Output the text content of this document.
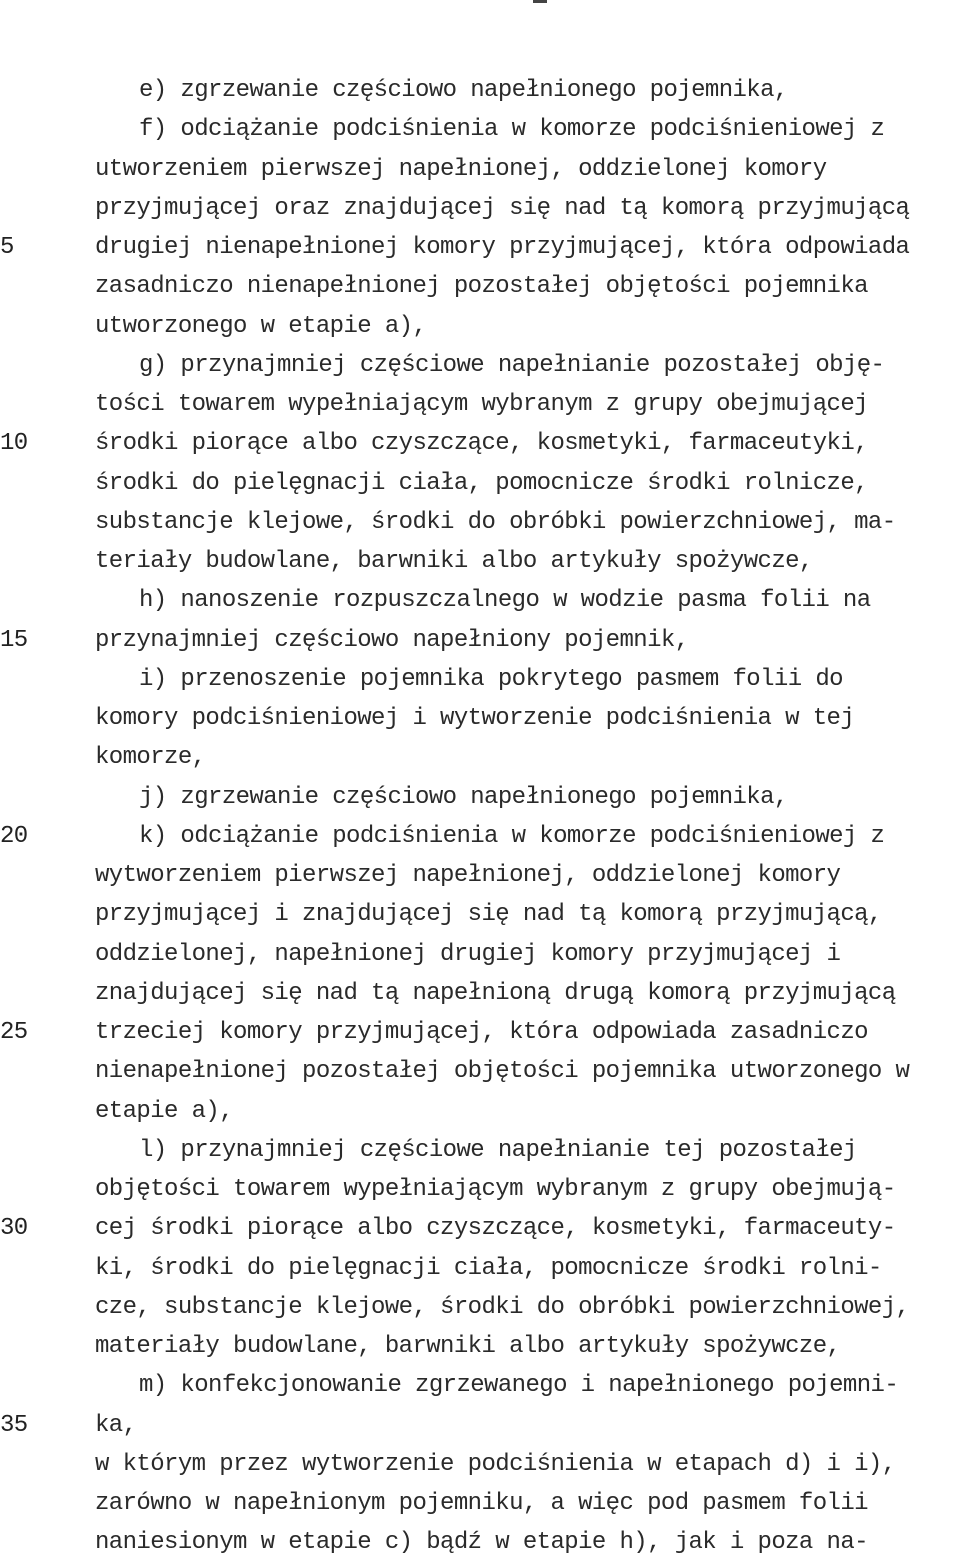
e) zgrzewanie częściowo napełnionego pojemnika,
f) odciążanie podciśnienia w komorze podciśnieniowej z
utworzeniem pierwszej napełnionej, oddzielonej komory
przyjmującej oraz znajdującej się nad tą komorą przyjmującą
5	drugiej nienapełnionej komory przyjmującej, która odpowiada
zasadniczo nienapełnionej pozostałej objętości pojemnika
utworzonego w etapie a),
g) przynajmniej częściowe napełnianie pozostałej obję-
tości towarem wypełniającym wybranym z grupy obejmującej
10	środki piorące albo czyszczące, kosmetyki, farmaceutyki,
środki do pielęgnacji ciała, pomocnicze środki rolnicze,
substancje klejowe, środki do obróbki powierzchniowej, ma-
teriały budowlane, barwniki albo artykuły spożywcze,
h) nanoszenie rozpuszczalnego w wodzie pasma folii na
15	przynajmniej częściowo napełniony pojemnik,
i) przenoszenie pojemnika pokrytego pasmem folii do
komory podciśnieniowej i wytworzenie podciśnienia w tej
komorze,
j) zgrzewanie częściowo napełnionego pojemnika,
20	k) odciążanie podciśnienia w komorze podciśnieniowej z
wytworzeniem pierwszej napełnionej, oddzielonej komory
przyjmującej i znajdującej się nad tą komorą przyjmującą,
oddzielonej, napełnionej drugiej komory przyjmującej i
znajdującej się nad tą napełnioną drugą komorą przyjmującą
25	trzeciej komory przyjmującej, która odpowiada zasadniczo
nienapełnionej pozostałej objętości pojemnika utworzonego w
etapie a),
l) przynajmniej częściowe napełnianie tej pozostałej
objętości towarem wypełniającym wybranym z grupy obejmują-
30	cej środki piorące albo czyszczące, kosmetyki, farmaceuty-
ki, środki do pielęgnacji ciała, pomocnicze środki rolni-
cze, substancje klejowe, środki do obróbki powierzchniowej,
materiały budowlane, barwniki albo artykuły spożywcze,
m) konfekcjonowanie zgrzewanego i napełnionego pojemni-
35	ka,
w którym przez wytworzenie podciśnienia w etapach d) i i),
zarówno w napełnionym pojemniku, a więc pod pasmem folii
naniesionym w etapie c) bądź w etapie h), jak i poza na-
